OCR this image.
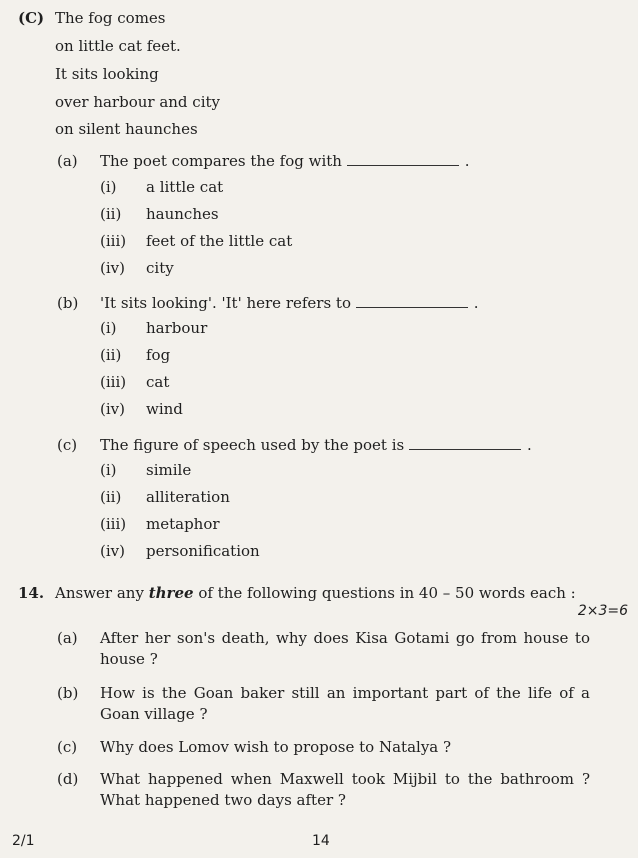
(C) The fog comes
on little cat feet.
It sits looking
over harbour and city
on silent haunches
(a) The poet compares the fog with	.
(i) a little cat
(ii) haunches
(iii) feet of the little cat
(iv) city
(b) 'It sits looking'. 'It' here refers to	.
(i) harbour
(ii) fog
(iii) cat
(iv) wind
(c) The figure of speech used by the poet is	.
(i) simile
(ii) alliteration
(iii) metaphor
(iv) personification
14. Answer any three of the following questions in 40 – 50 words each :
2×3=6
(a) After her son's death, why does Kisa Gotami go from house to house ?
(b) How is the Goan baker still an important part of the life of a Goan village ?
(c) Why does Lomov wish to propose to Natalya ?
(d) What happened when Maxwell took Mijbil to the bathroom ? What happened two days after ?
2/1	14
